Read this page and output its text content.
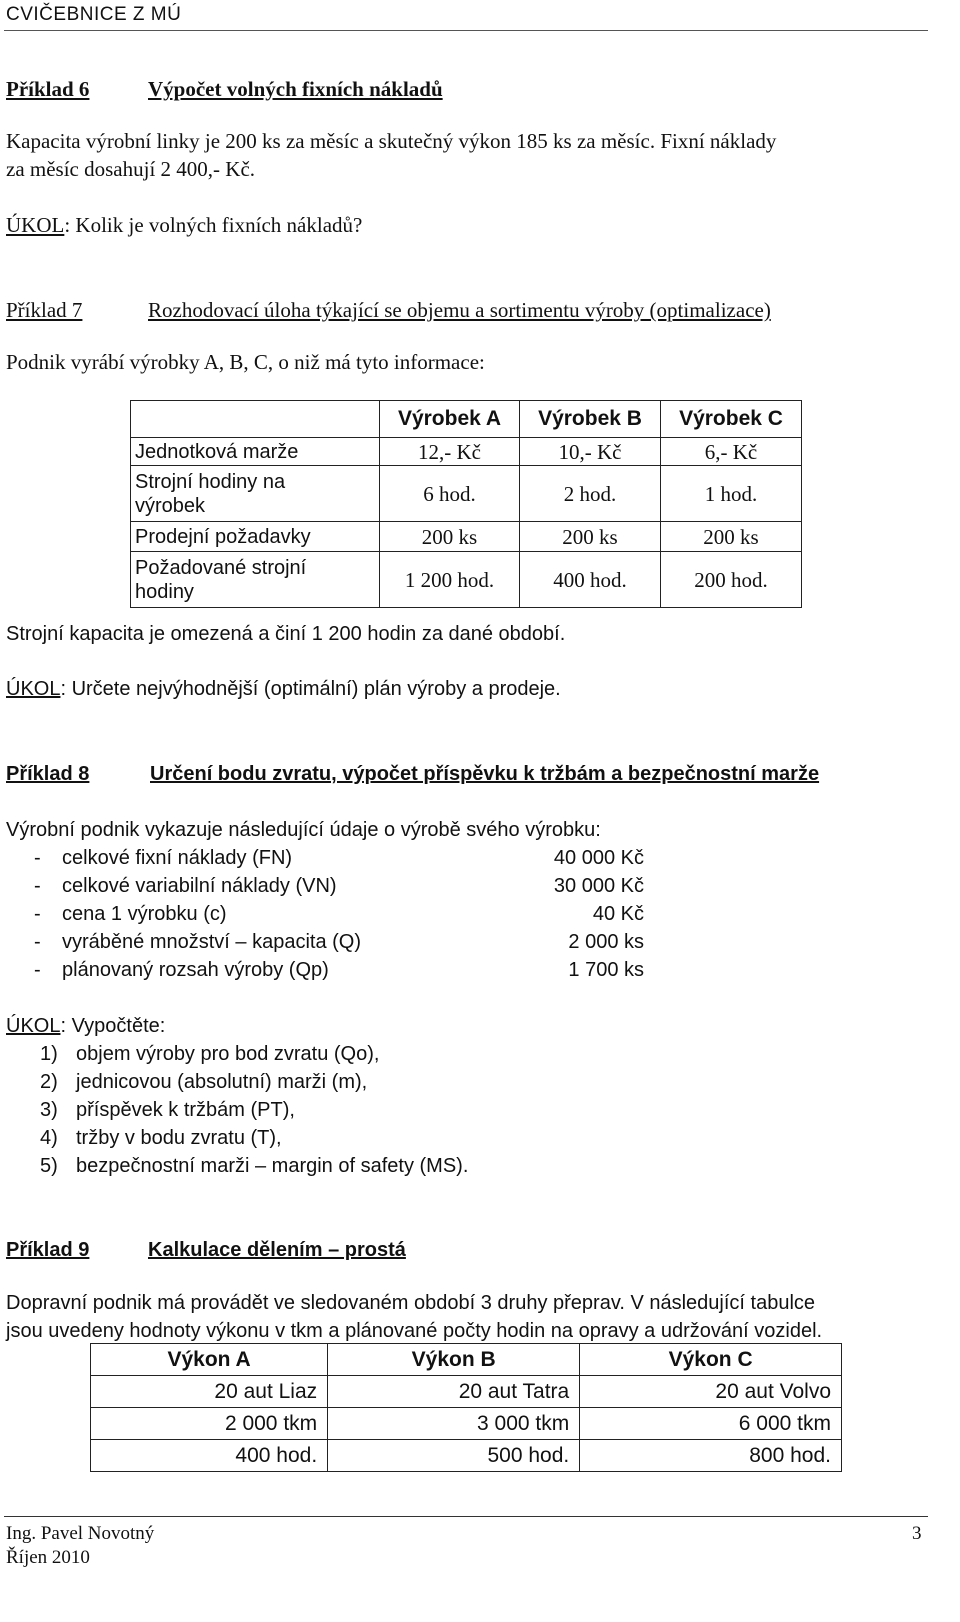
CVIČEBNICE Z MÚ
Příklad 6	Výpočet volných fixních nákladů
Kapacita výrobní linky je 200 ks za měsíc a skutečný výkon 185 ks za měsíc. Fixní náklady
za měsíc dosahují 2 400,- Kč.
ÚKOL: Kolik je volných fixních nákladů?
Příklad 7	Rozhodovací úloha týkající se objemu a sortimentu výroby (optimalizace)
Podnik vyrábí výrobky A, B, C, o niž má tyto informace:
	Výrobek A	Výrobek B	Výrobek C
Jednotková marže	12,- Kč	10,- Kč	6,- Kč
Strojní hodiny na výrobek	6 hod.	2 hod.	1 hod.
Prodejní požadavky	200 ks	200 ks	200 ks
Požadované strojní hodiny	1 200 hod.	400 hod.	200 hod.
Strojní kapacita je omezená a činí 1 200 hodin za dané období.
ÚKOL: Určete nejvýhodnější (optimální) plán výroby a prodeje.
Příklad 8	Určení bodu zvratu, výpočet příspěvku k tržbám a bezpečnostní marže
Výrobní podnik vykazuje následující údaje o výrobě svého výrobku:
- celkové fixní náklady (FN)	40 000 Kč
- celkové variabilní náklady (VN)	30 000 Kč
- cena 1 výrobku (c)	40 Kč
- vyráběné množství – kapacita (Q)	2 000 ks
- plánovaný rozsah výroby (Qp)	1 700 ks
ÚKOL: Vypočtěte:
1) objem výroby pro bod zvratu (Qo),
2) jednicovou (absolutní) marži (m),
3) příspěvek k tržbám (PT),
4) tržby v bodu zvratu (T),
5) bezpečnostní marži – margin of safety (MS).
Příklad 9	Kalkulace dělením – prostá
Dopravní podnik má provádět ve sledovaném období 3 druhy přeprav. V následující tabulce
jsou uvedeny hodnoty výkonu v tkm a plánované počty hodin na opravy a udržování vozidel.
Výkon A	Výkon B	Výkon C
20 aut Liaz	20 aut Tatra	20 aut Volvo
2 000 tkm	3 000 tkm	6 000 tkm
400 hod.	500 hod.	800 hod.
Ing. Pavel Novotný
Říjen 2010
3
